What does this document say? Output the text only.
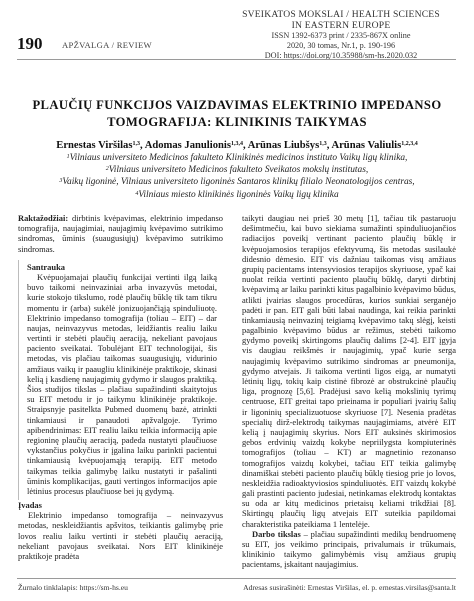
SVEIKATOS MOKSLAI / HEALTH SCIENCES
IN EASTERN EUROPE
ISSN 1392-6373 print / 2335-867X online
2020, 30 tomas, Nr.1, p. 190-196
DOI: https://doi.org/10.35988/sm-hs.2020.032
190 APŽVALGA / REVIEW
PLAUČIŲ FUNKCIJOS VAIZDAVIMAS ELEKTRINIO IMPEDANSO
TOMOGRAFIJA: KLINIKINIS TAIKYMAS
Ernestas Viršilas$^{1,3}$, Adomas Janulionis$^{1,3,4}$, Arūnas Liubšys$^{1,3}$, Arūnas Valiulis$^{1,2,3,4}$
$^1$Vilniaus universiteto Medicinos fakulteto Klinikinės medicinos instituto Vaikų ligų klinika,
$^2$Vilniaus universiteto Medicinos fakulteto Sveikatos mokslų institutas,
$^3$Vaikų ligoninė, Vilniaus universiteto ligoninės Santaros klinikų filialo Neonatologijos centras,
$^4$Vilniaus miesto klinikinės ligoninės Vaikų ligų klinika

Raktažodžiai: dirbtinis kvėpavimas, elektrinio impedanso tomografija, naujagimiai, naujagimių kvėpavimo sutrikimo sindromas, ūminis (suaugusiųjų) kvėpavimo sutrikimo sindromas.

Santrauka

Kvėpuojamajai plaučių funkcijai vertinti ilgą laiką buvo taikomi neinvaziniai arba invazyvūs metodai, kurie stokojo tikslumo, rodė plaučių būklę tik tam tikru momentu ir (arba) sukėlė jonizuojančiąją spinduliuotę. Elektrinio impedanso tomografija (toliau – EIT) – dar naujas, neinvazyvus metodas, leidžiantis realiu laiku vertinti ir stebėti plaučių aeraciją, nekeliant pavojaus paciento sveikatai. Tobulėjant EIT technologijai, šis metodas, vis plačiau taikomas suaugusiųjų, vidurinio amžiaus vaikų ir paaugliu klinikinėje praktikoje, skinasi kelią į kasdienę naujagimių gydymo ir slaugos praktiką. Šios studijos tikslas – plačiau supažindinti skaitytojus su EIT metodu ir jo taikymu klinikinėje praktikoje. Straipsnyje pasitelkta Pubmed duomenų bazė, atrinkti tinkamiausi ir panaudoti apžvalgoje. Tyrimo apibendrinimas: EIT realiu laiku teikia informaciją apie regioninę plaučių aeraciją, padeda nustatyti plaučiuose vykstančius pokyčius ir įgalina laiku parinkti pacientui tinkamiausią kvėpuojamąją terapiją. EIT metodo taikymas teikia galimybę laiku nustatyti ir pašalinti ūminis komplikacijas, gauti vertingos informacijos apie lėtinius procesus plaučiuose bei jų gydymą.

Įvadas

Elektrinio impedanso tomografija – neinvazyvus metodas, neskleidžiantis apšvitos, teikiantis galimybę prie lovos realiu laiku vertinti ir stebėti plaučių aeraciją, nekeliant pavojaus sveikatai. Nors EIT klinikinėje praktikoje pradėta

taikyti daugiau nei prieš 30 metų [1], tačiau tik pastaruoju dešimtmečiu, kai buvo siekiama sumažinti spinduliuojančios radiacijos poveikį vertinant paciento plaučių būklę ir kvėpuojamosios terapijos efektyvumą, šis metodas susilaukė didesnio dėmesio. EIT vis dažniau taikomas visų amžiaus grupių pacientams intensyviosios terapijos skyriuose, ypač kai nuolat reikia vertinti paciento plaučių būklę, daryti dirbtinį kvėpavimą ar laiku parinkti kitus pagalbinio kvėpavimo būdus, atlikti įvairias slaugos procedūras, kurios sunkiai serganėjo padėti ir pan. EIT gali būti labai naudinga, kai reikia parinkti tinkamiausią neinvazinį teigiamą kvėpavimo takų slėgį, keisti pagalbinio kvėpavimo būdus ar režimus, stebėti taikomo gydymo poveikį skirtingoms plaučių dalims [2-4]. EIT įgyja vis daugiau reikšmės ir naujagimių, ypač kurie serga naujagimių kvėpavimo sutrikimo sindromas ar pneumonija, gydymo atvejais. Ji taikoma vertinti ligos eigą, ar numatyti lėtinių ligų, tokių kaip cistinė fibrozė ar obstrukcinė plaučių liga, prognozę [5,6]. Pradėjusi savo kelią mokslinių tyrimų centruose, EIT greitai tapo prieinama ir populiari įvairių šalių ir ligoninių specializuotuose skyriuose [7]. Nesenia pradėtas specialių dirž-elektrodų taikymas naujagimiams, atvėrė EIT kelią į naujagimių skyrius. Nors EIT auksinės skirimosios gebos erdvinių vaizdų kokybe nepriilygsta kompiuterinės tomografijos (toliau – KT) ar magnetinio rezonanso tomografijos vaizdų kokybei, tačiau EIT teikia galimybę dinamiškai stebėti paciento plaučių būklę tiesiog prie jo lovos, neskleidžia radioaktyviosios spinduliuotės. EIT vaizdų kokybė gali prastinti paciento judesiai, netinkamas elektrodų kontaktas su oda ar kitų medicinos prietaisų keliami trikdžiai [8]. Skirtingų plaučių ligų atvejais EIT suteikia papildomai charakteristika pateikiama 1 lentelėje.

Darbo tikslas – plačiau supažindinti medikų bendruomenę su EIT, jos veikimo principais, privalumais ir trūkumais, klinikinio taikymo galimybėmis visų amžiaus grupių pacientams, įskaitant naujagimius.

Žurnalo tinklalapis: https://sm-hs.eu	Adresas susirašinėti: Ernestas Viršilas, el. p. ernestas.virsilas@santa.lt
